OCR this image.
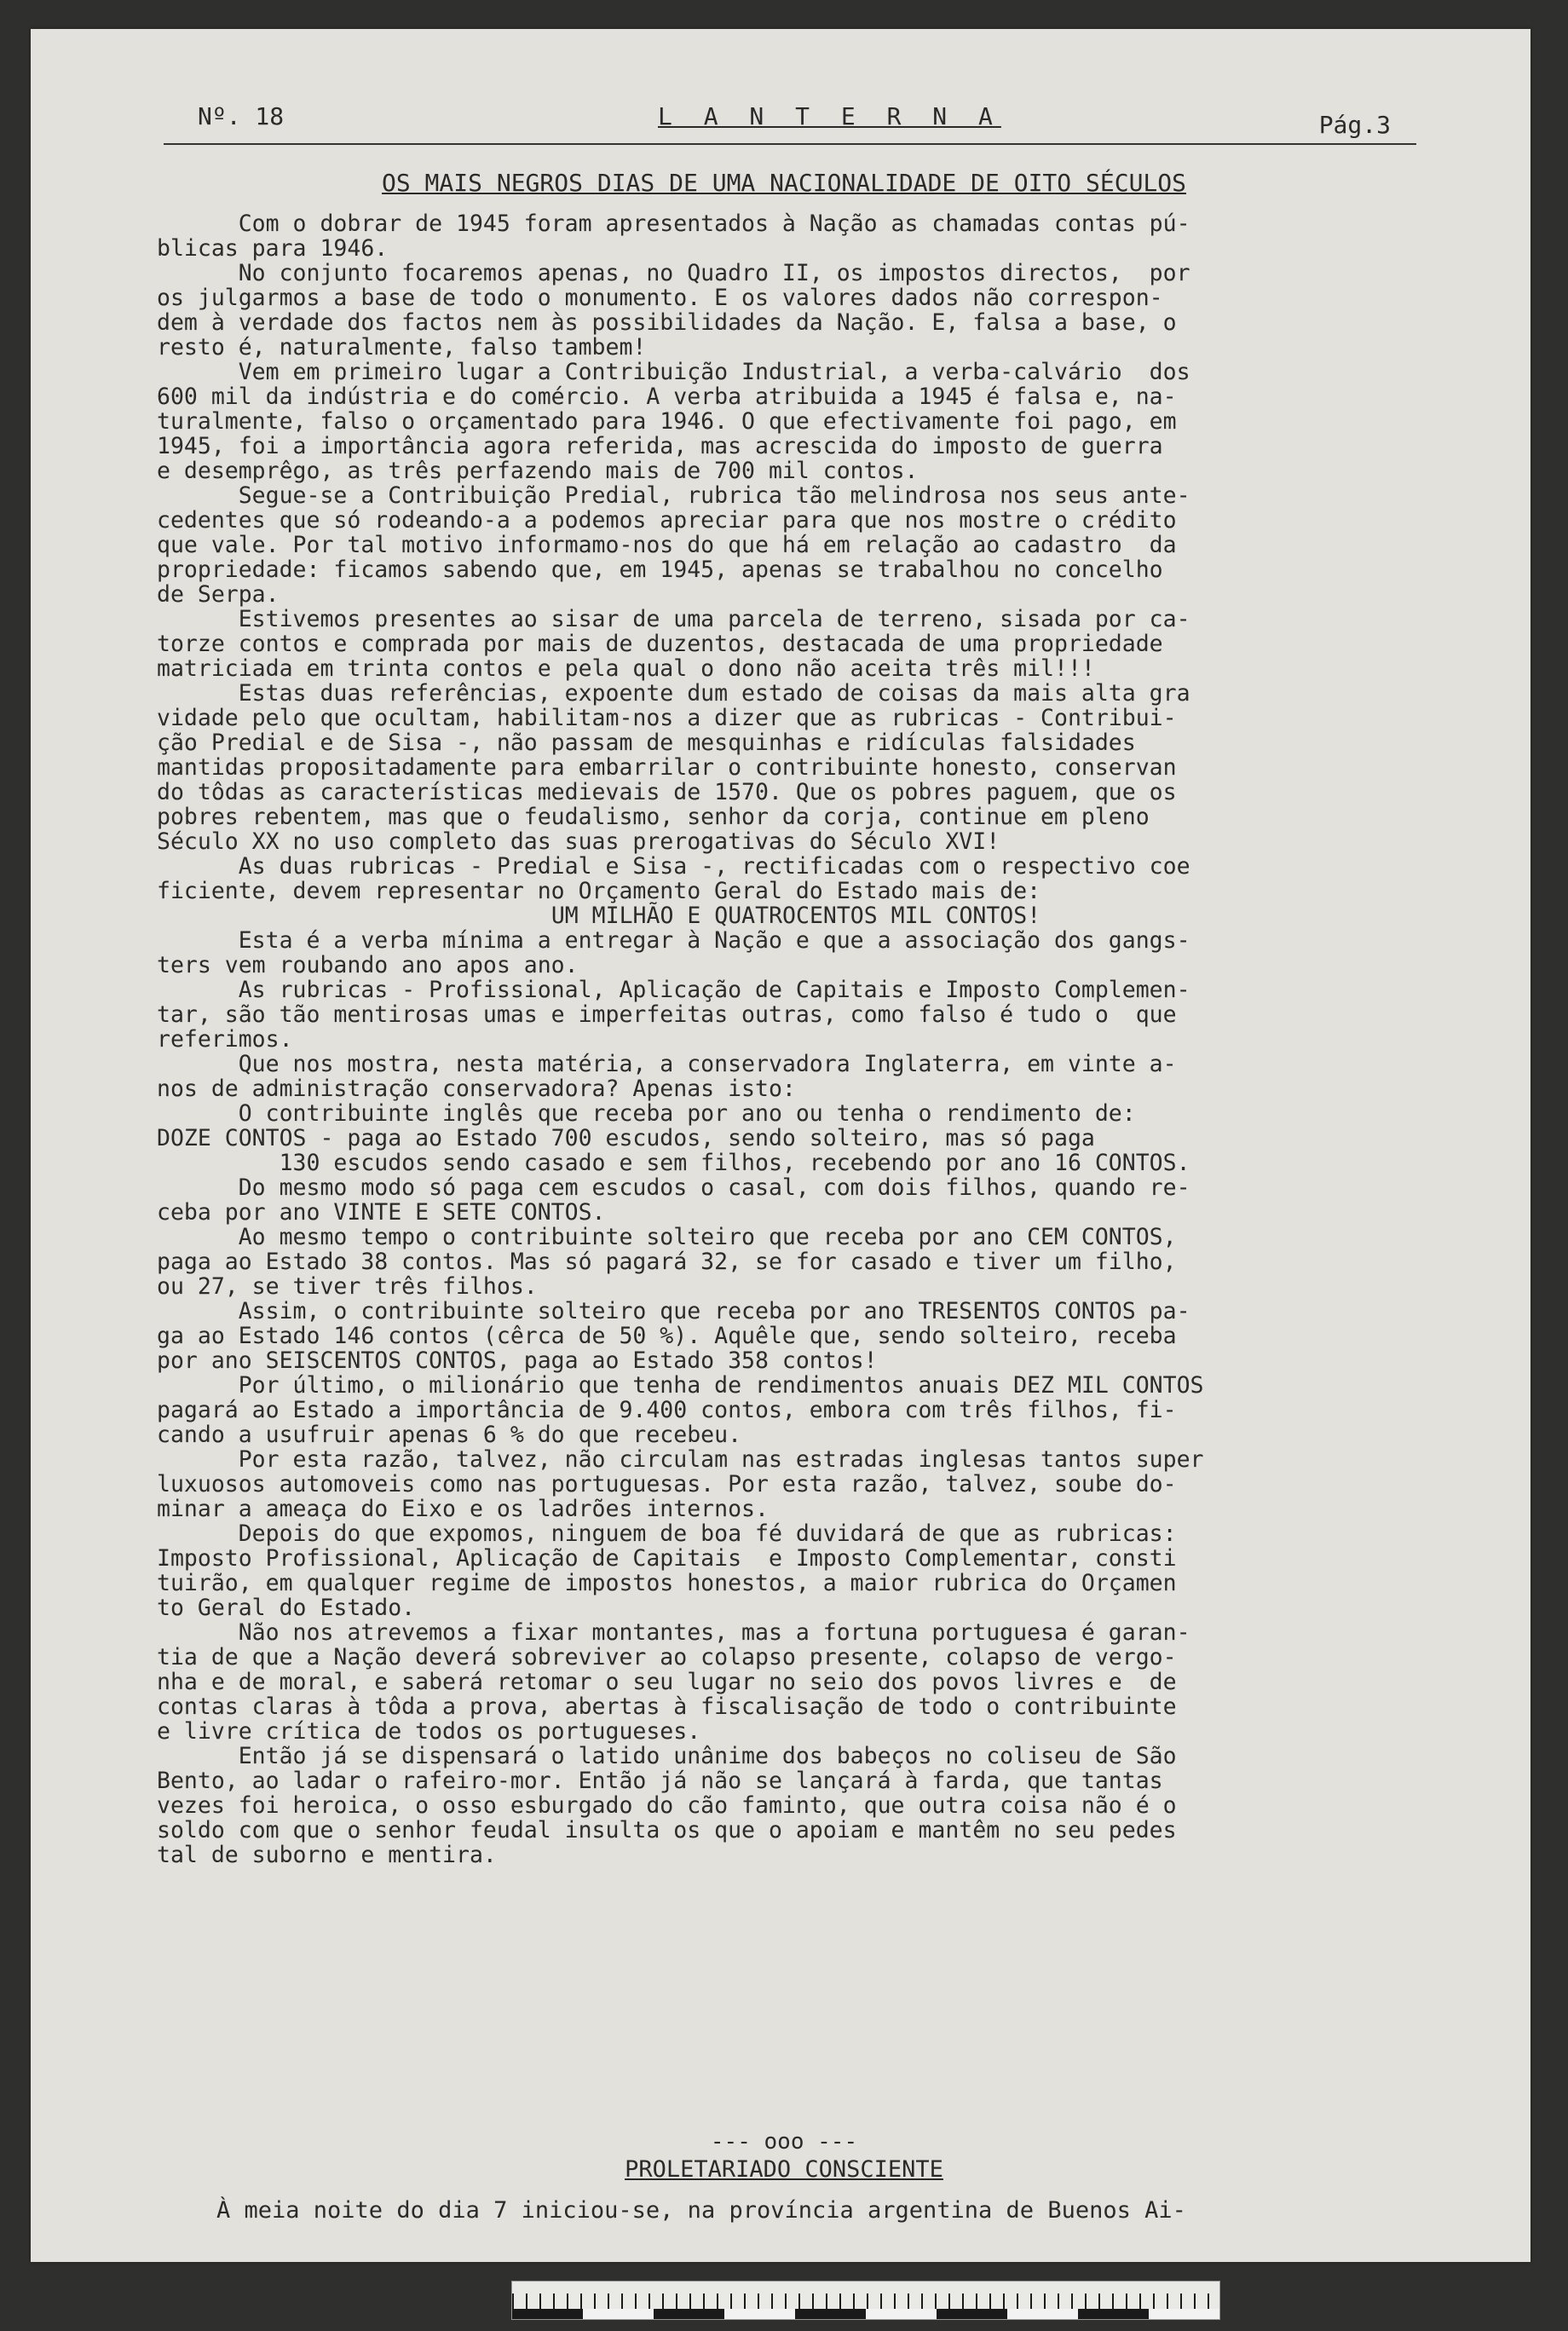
Nº. 18	L A N T E R N A	Pág.3
OS MAIS NEGROS DIAS DE UMA NACIONALIDADE DE OITO SÉCULOS
Com o dobrar de 1945 foram apresentados à Nação as chamadas contas pú-
blicas para 1946.
No conjunto focaremos apenas, no Quadro II, os impostos directos,  por
os julgarmos a base de todo o monumento. E os valores dados não correspon-
dem à verdade dos factos nem às possibilidades da Nação. E, falsa a base, o
resto é, naturalmente, falso tambem!
Vem em primeiro lugar a Contribuição Industrial, a verba-calvário  dos
600 mil da indústria e do comércio. A verba atribuida a 1945 é falsa e, na-
turalmente, falso o orçamentado para 1946. O que efectivamente foi pago, em
1945, foi a importância agora referida, mas acrescida do imposto de guerra
e desemprêgo, as três perfazendo mais de 700 mil contos.
Segue-se a Contribuição Predial, rubrica tão melindrosa nos seus ante-
cedentes que só rodeando-a a podemos apreciar para que nos mostre o crédito
que vale. Por tal motivo informamo-nos do que há em relação ao cadastro  da
propriedade: ficamos sabendo que, em 1945, apenas se trabalhou no concelho
de Serpa.
Estivemos presentes ao sisar de uma parcela de terreno, sisada por ca-
torze contos e comprada por mais de duzentos, destacada de uma propriedade
matriciada em trinta contos e pela qual o dono não aceita três mil!!!
Estas duas referências, expoente dum estado de coisas da mais alta gra
vidade pelo que ocultam, habilitam-nos a dizer que as rubricas - Contribui-
ção Predial e de Sisa -, não passam de mesquinhas e ridículas falsidades
mantidas propositadamente para embarrilar o contribuinte honesto, conservan
do tôdas as características medievais de 1570. Que os pobres paguem, que os
pobres rebentem, mas que o feudalismo, senhor da corja, continue em pleno
Século XX no uso completo das suas prerogativas do Século XVI!
As duas rubricas - Predial e Sisa -, rectificadas com o respectivo coe
ficiente, devem representar no Orçamento Geral do Estado mais de:
UM MILHÃO E QUATROCENTOS MIL CONTOS!
Esta é a verba mínima a entregar à Nação e que a associação dos gangs-
ters vem roubando ano apos ano.
As rubricas - Profissional, Aplicação de Capitais e Imposto Complemen-
tar, são tão mentirosas umas e imperfeitas outras, como falso é tudo o  que
referimos.
Que nos mostra, nesta matéria, a conservadora Inglaterra, em vinte a-
nos de administração conservadora? Apenas isto:
O contribuinte inglês que receba por ano ou tenha o rendimento de:
DOZE CONTOS - paga ao Estado 700 escudos, sendo solteiro, mas só paga
130 escudos sendo casado e sem filhos, recebendo por ano 16 CONTOS.
Do mesmo modo só paga cem escudos o casal, com dois filhos, quando re-
ceba por ano VINTE E SETE CONTOS.
Ao mesmo tempo o contribuinte solteiro que receba por ano CEM CONTOS,
paga ao Estado 38 contos. Mas só pagará 32, se for casado e tiver um filho,
ou 27, se tiver três filhos.
Assim, o contribuinte solteiro que receba por ano TRESENTOS CONTOS pa-
ga ao Estado 146 contos (cêrca de 50 %). Aquêle que, sendo solteiro, receba
por ano SEISCENTOS CONTOS, paga ao Estado 358 contos!
Por último, o milionário que tenha de rendimentos anuais DEZ MIL CONTOS
pagará ao Estado a importância de 9.400 contos, embora com três filhos, fi-
cando a usufruir apenas 6 % do que recebeu.
Por esta razão, talvez, não circulam nas estradas inglesas tantos super
luxuosos automoveis como nas portuguesas. Por esta razão, talvez, soube do-
minar a ameaça do Eixo e os ladrões internos.
Depois do que expomos, ninguem de boa fé duvidará de que as rubricas:
Imposto Profissional, Aplicação de Capitais  e Imposto Complementar, consti
tuirão, em qualquer regime de impostos honestos, a maior rubrica do Orçamen
to Geral do Estado.
Não nos atrevemos a fixar montantes, mas a fortuna portuguesa é garan-
tia de que a Nação deverá sobreviver ao colapso presente, colapso de vergo-
nha e de moral, e saberá retomar o seu lugar no seio dos povos livres e  de
contas claras à tôda a prova, abertas à fiscalisação de todo o contribuinte
e livre crítica de todos os portugueses.
Então já se dispensará o latido unânime dos babeços no coliseu de São
Bento, ao ladar o rafeiro-mor. Então já não se lançará à farda, que tantas
vezes foi heroica, o osso esburgado do cão faminto, que outra coisa não é o
soldo com que o senhor feudal insulta os que o apoiam e mantêm no seu pedes
tal de suborno e mentira.
--- ooo ---
PROLETARIADO CONSCIENTE
À meia noite do dia 7 iniciou-se, na província argentina de Buenos Ai-
